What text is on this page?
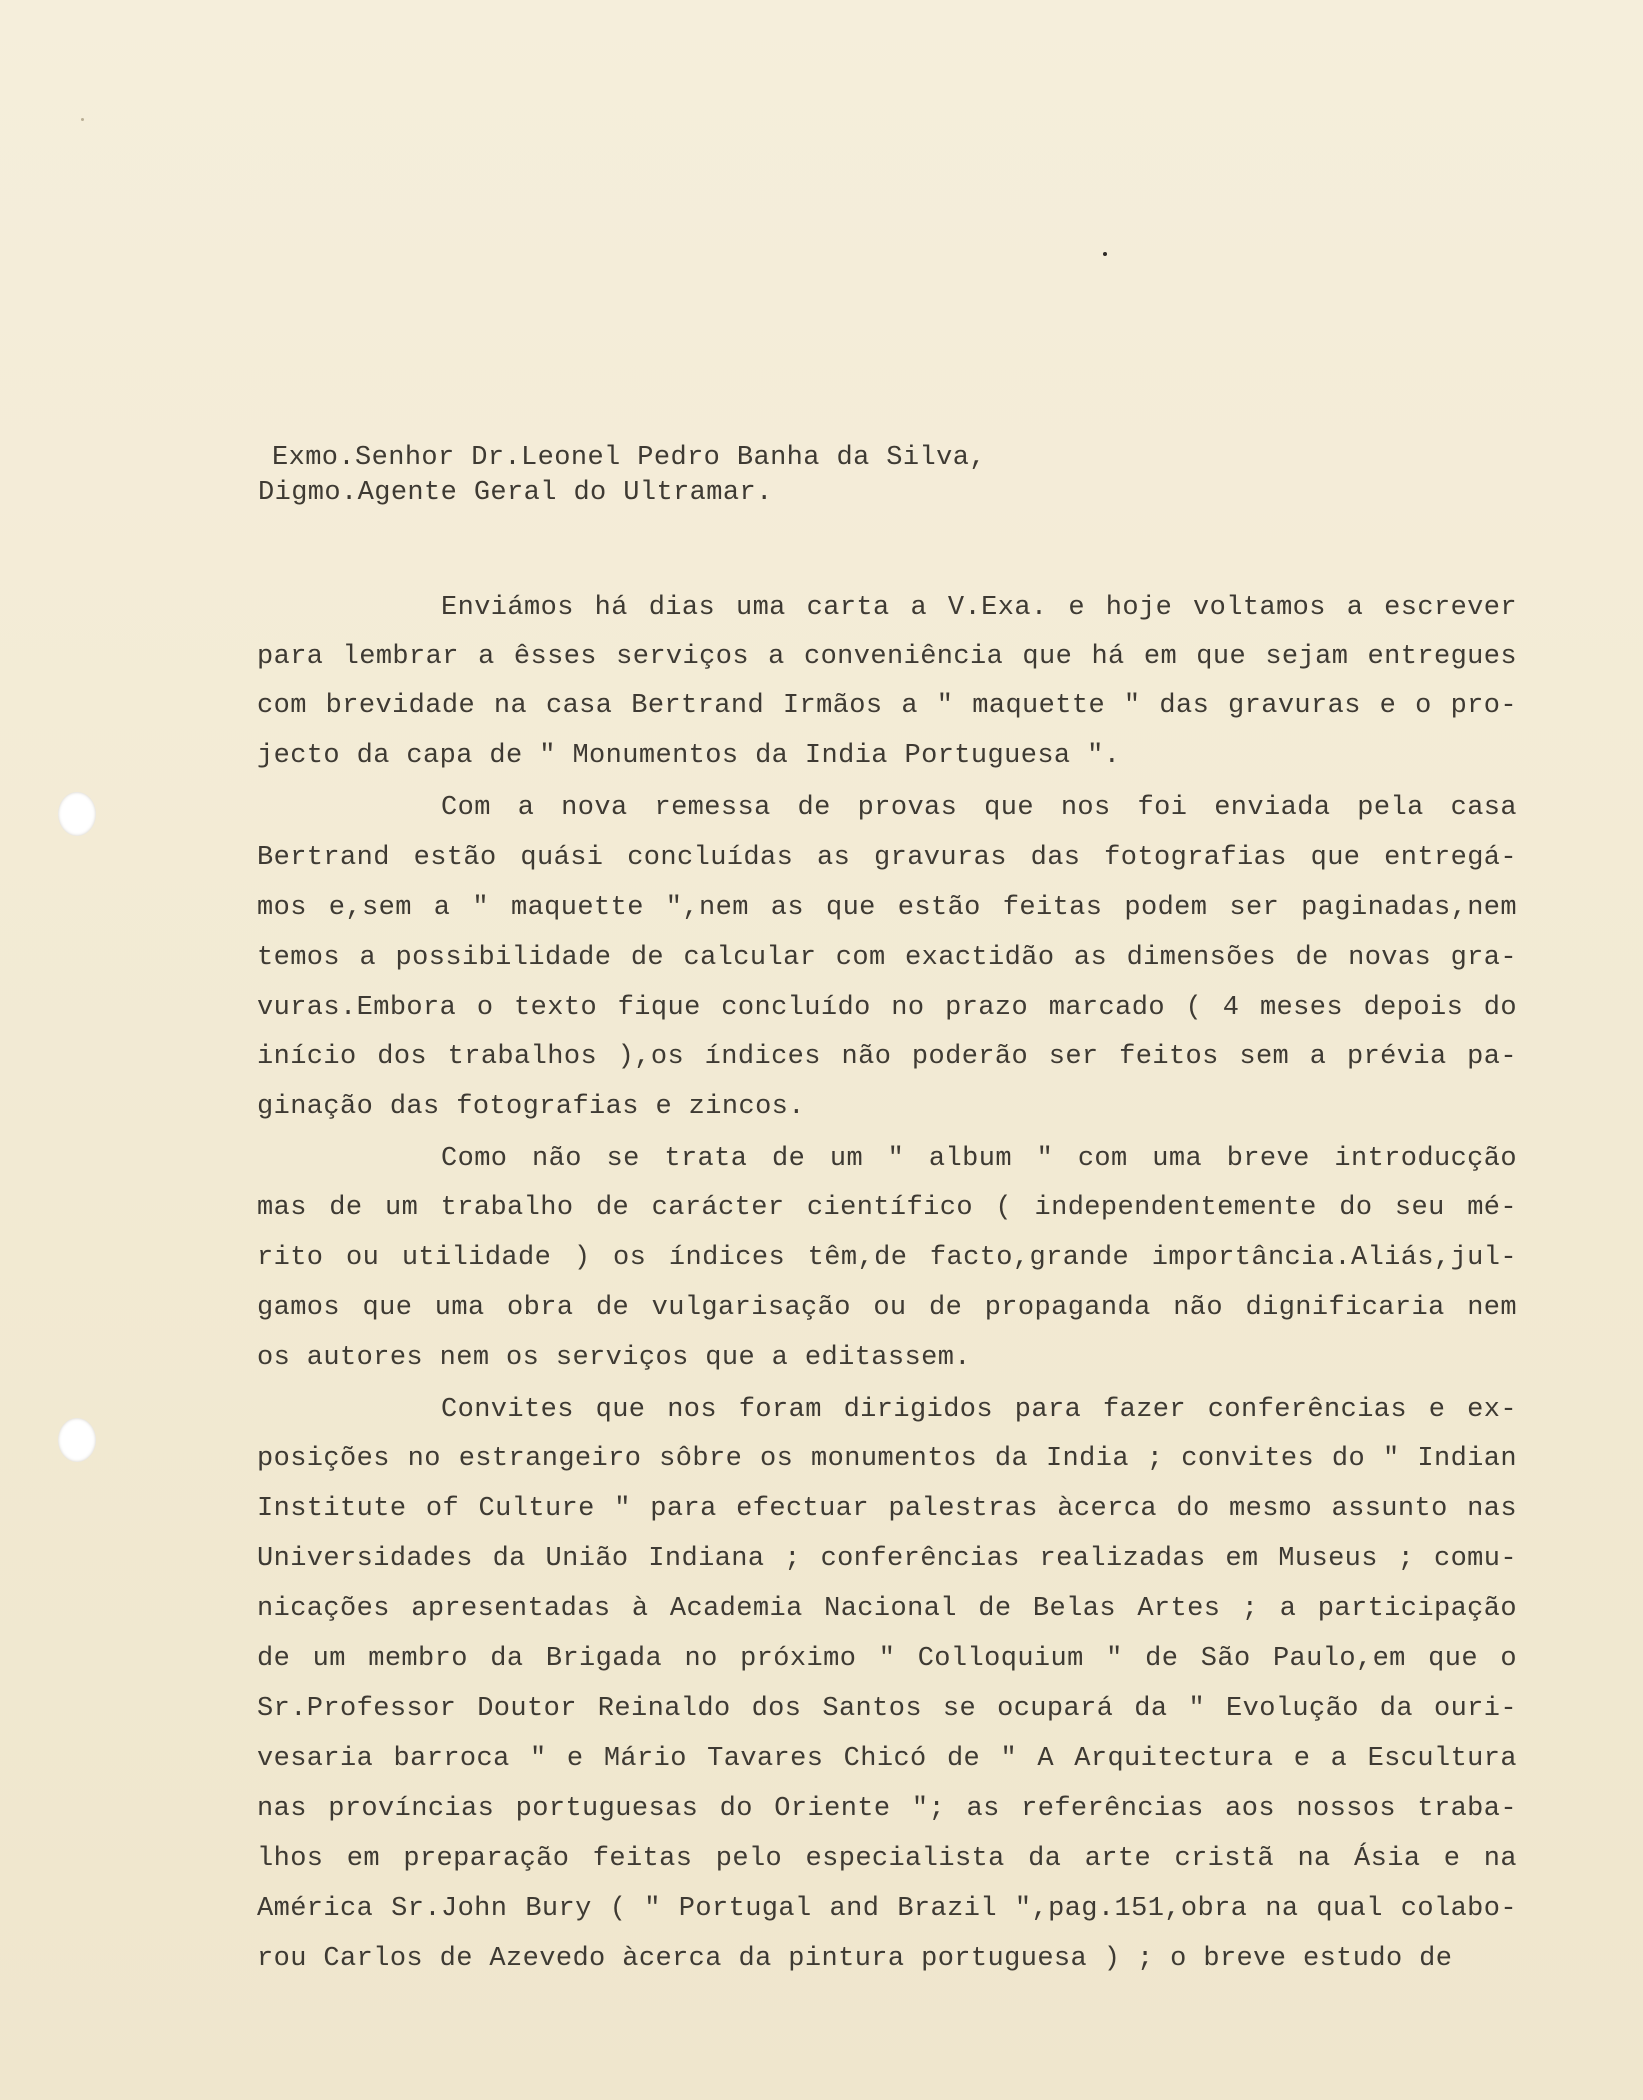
Exmo.Senhor Dr.Leonel Pedro Banha da Silva,
Digmo.Agente Geral do Ultramar.
Enviámos há dias uma carta a V.Exa. e hoje voltamos a escrever
para lembrar a êsses serviços a conveniência que há em que sejam entregues
com brevidade na casa Bertrand Irmãos a " maquette " das gravuras e o pro-
jecto da capa de " Monumentos da India Portuguesa ".
Com a nova remessa de provas que nos foi enviada pela casa
Bertrand estão quási concluídas as gravuras das fotografias que entregá-
mos e,sem a " maquette ",nem as que estão feitas podem ser paginadas,nem
temos a possibilidade de calcular com exactidão as dimensões de novas gra-
vuras.Embora o texto fique concluído no prazo marcado ( 4 meses depois do
início dos trabalhos ),os índices não poderão ser feitos sem a prévia pa-
ginação das fotografias e zincos.
Como não se trata de um " album " com uma breve introducção
mas de um trabalho de carácter científico ( independentemente do seu mé-
rito ou utilidade ) os índices têm,de facto,grande importância.Aliás,jul-
gamos que uma obra de vulgarisação ou de propaganda não dignificaria nem
os autores nem os serviços que a editassem.
Convites que nos foram dirigidos para fazer conferências e ex-
posições no estrangeiro sôbre os monumentos da India ; convites do " Indian
Institute of Culture " para efectuar palestras àcerca do mesmo assunto nas
Universidades da União Indiana ; conferências realizadas em Museus ; comu-
nicações apresentadas à Academia Nacional de Belas Artes ; a participação
de um membro da Brigada no próximo " Colloquium " de São Paulo,em que o
Sr.Professor Doutor Reinaldo dos Santos se ocupará da " Evolução da ouri-
vesaria barroca " e Mário Tavares Chicó de " A Arquitectura e a Escultura
nas províncias portuguesas do Oriente "; as referências aos nossos traba-
lhos em preparação feitas pelo especialista da arte cristã na Ásia e na
América Sr.John Bury ( " Portugal and Brazil ",pag.151,obra na qual colabo-
rou Carlos de Azevedo àcerca da pintura portuguesa ) ; o breve estudo de
